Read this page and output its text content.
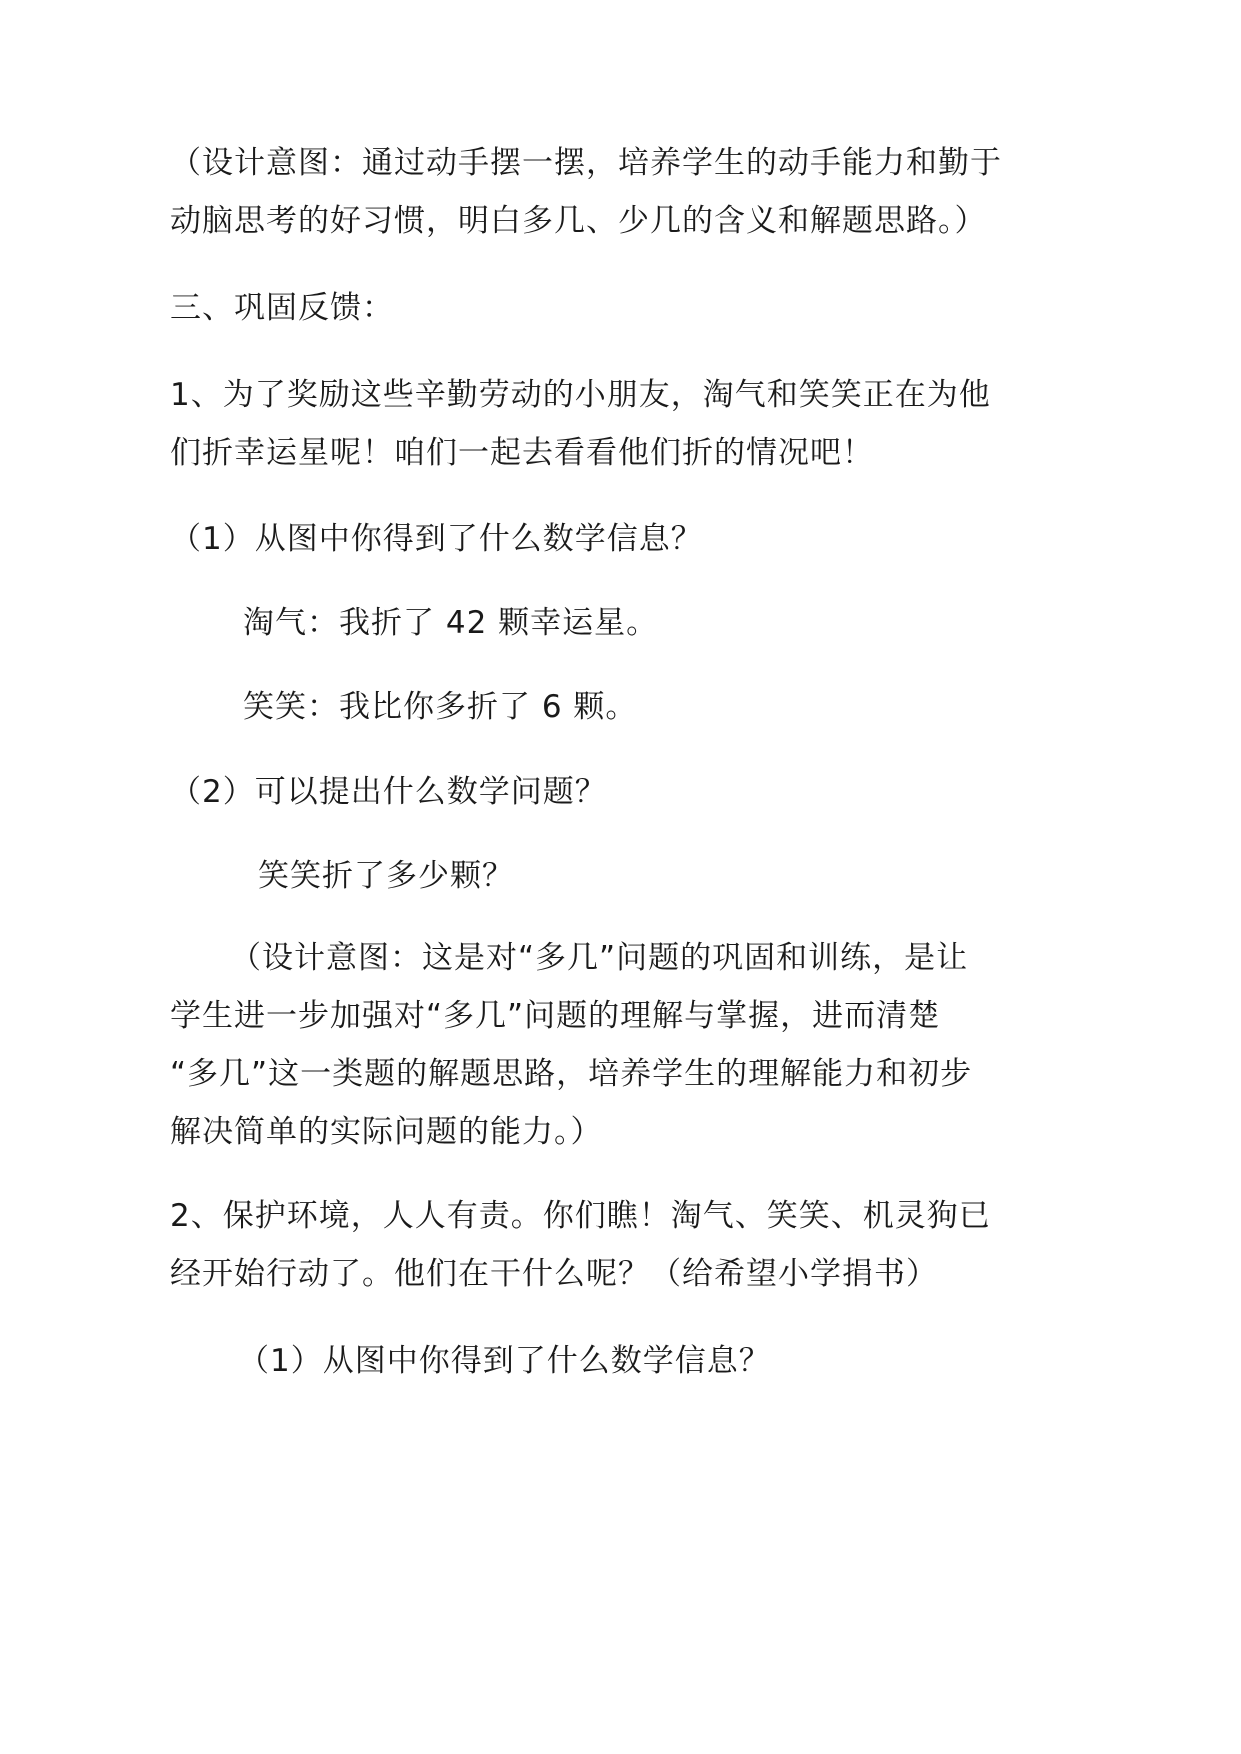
（设计意图：通过动手摆一摆，培养学生的动手能力和勤于
动脑思考的好习惯，明白多几、少几的含义和解题思路。）
三、巩固反馈：
1、为了奖励这些辛勤劳动的小朋友，淘气和笑笑正在为他
们折幸运星呢！咱们一起去看看他们折的情况吧！
（1）从图中你得到了什么数学信息？
淘气：我折了 42 颗幸运星。
笑笑：我比你多折了 6 颗。
（2）可以提出什么数学问题？
笑笑折了多少颗？
（设计意图：这是对“多几”问题的巩固和训练，是让
学生进一步加强对“多几”问题的理解与掌握，进而清楚
“多几”这一类题的解题思路，培养学生的理解能力和初步
解决简单的实际问题的能力。）
2、保护环境，人人有责。你们瞧！淘气、笑笑、机灵狗已
经开始行动了。他们在干什么呢？（给希望小学捐书）
（1）从图中你得到了什么数学信息？
